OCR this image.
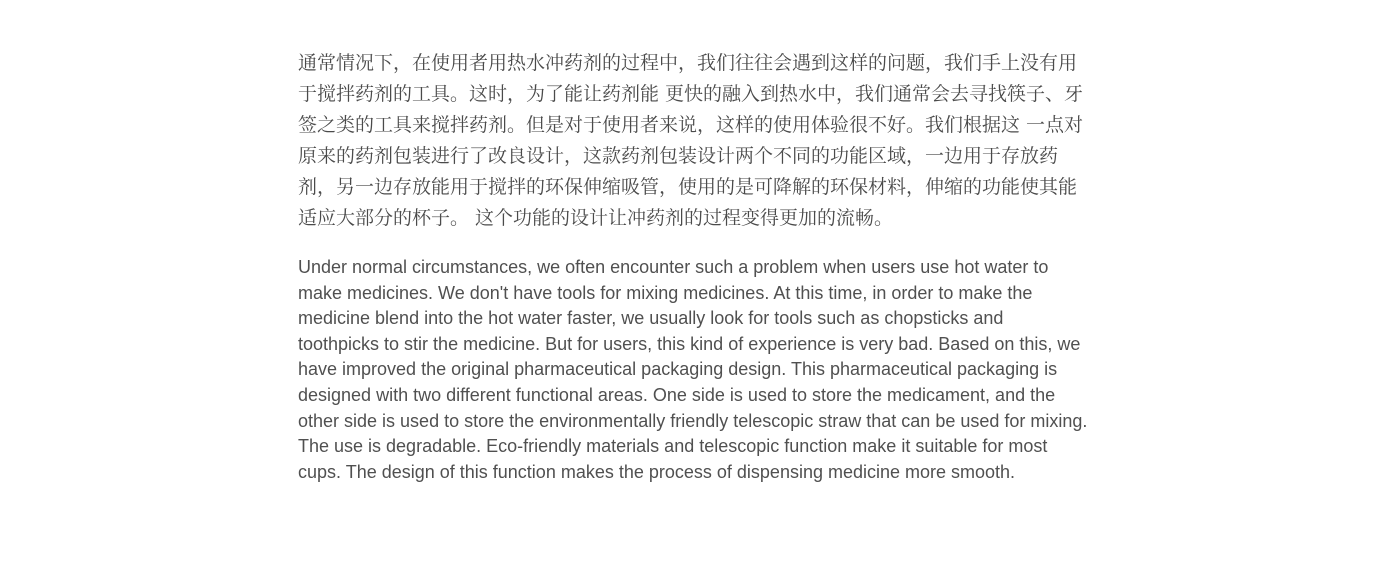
通常情况下，在使用者用热水冲药剂的过程中，我们往往会遇到这样的问题，我们手上没有用于搅拌药剂的工具。这时，为了能让药剂能 更快的融入到热水中，我们通常会去寻找筷子、牙签之类的工具来搅拌药剂。但是对于使用者来说，这样的使用体验很不好。我们根据这 一点对原来的药剂包装进行了改良设计，这款药剂包装设计两个不同的功能区域，一边用于存放药剂，另一边存放能用于搅拌的环保伸缩吸管，使用的是可降解的环保材料，伸缩的功能使其能适应大部分的杯子。 这个功能的设计让冲药剂的过程变得更加的流畅。

Under normal circumstances, we often encounter such a problem when users use hot water to make medicines. We don't have tools for mixing medicines. At this time, in order to make the medicine blend into the hot water faster, we usually look for tools such as chopsticks and toothpicks to stir the medicine. But for users, this kind of experience is very bad. Based on this, we have improved the original pharmaceutical packaging design. This pharmaceutical packaging is designed with two different functional areas. One side is used to store the medicament, and the other side is used to store the environmentally friendly telescopic straw that can be used for mixing. The use is degradable. Eco-friendly materials and telescopic function make it suitable for most cups. The design of this function makes the process of dispensing medicine more smooth.
